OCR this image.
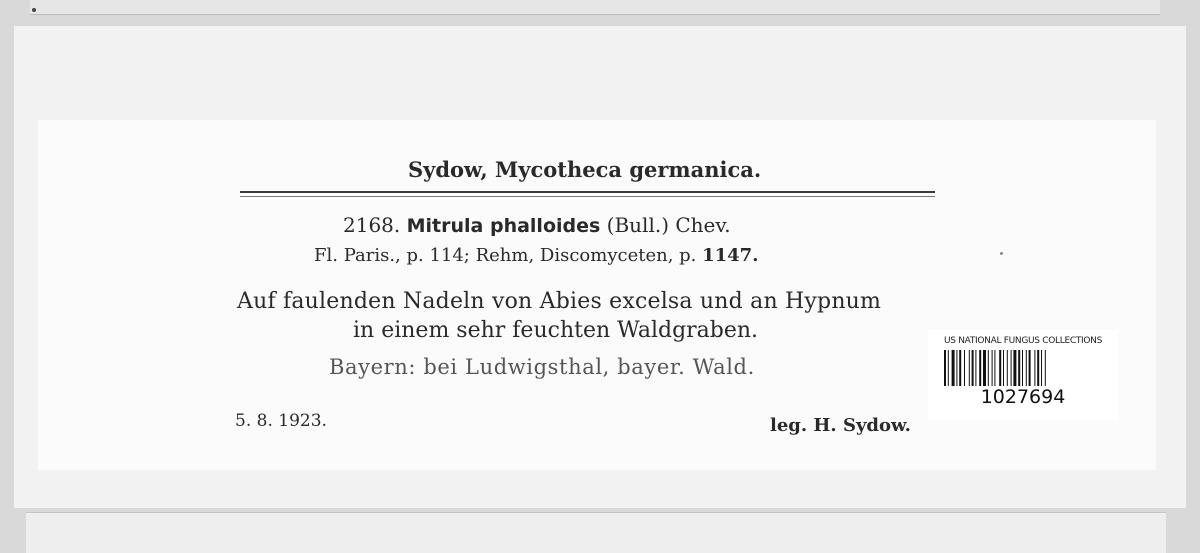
Sydow, Mycotheca germanica.
2168. Mitrula phalloides (Bull.) Chev.
Fl. Paris., p. 114; Rehm, Discomyceten, p. 1147.
Auf faulenden Nadeln von Abies excelsa und an Hypnum
in einem sehr feuchten Waldgraben.
Bayern: bei Ludwigsthal, bayer. Wald.
5. 8. 1923.	leg. H. Sydow.
US NATIONAL FUNGUS COLLECTIONS
1027694
